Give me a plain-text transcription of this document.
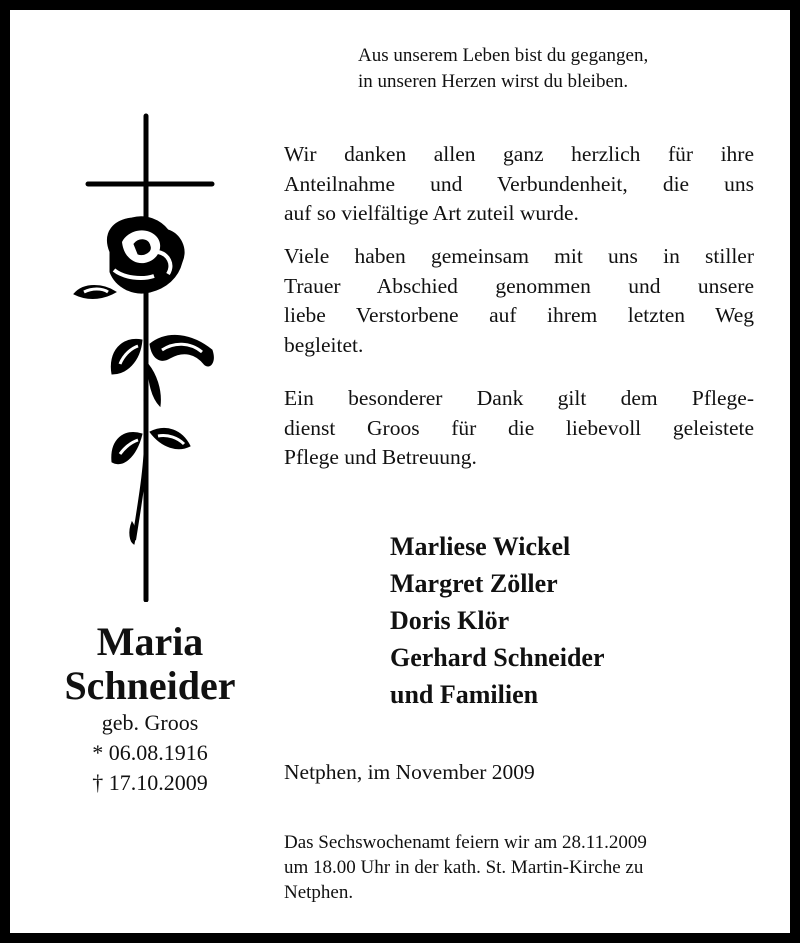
Aus unserem Leben bist du gegangen,
in unseren Herzen wirst du bleiben.
Wir danken allen ganz herzlich für ihre
Anteilnahme und Verbundenheit, die uns
auf so vielfältige Art zuteil wurde.
Viele haben gemeinsam mit uns in stiller
Trauer Abschied genommen und unsere
liebe Verstorbene auf ihrem letzten Weg
begleitet.
Ein besonderer Dank gilt dem Pflege-
dienst Groos für die liebevoll geleistete
Pflege und Betreuung.
Marliese Wickel
Margret Zöller
Doris Klör
Gerhard Schneider
und Familien
Maria
Schneider
geb. Groos
* 06.08.1916
† 17.10.2009	Netphen, im November 2009
Das Sechswochenamt feiern wir am 28.11.2009
um 18.00 Uhr in der kath. St. Martin-Kirche zu
Netphen.
